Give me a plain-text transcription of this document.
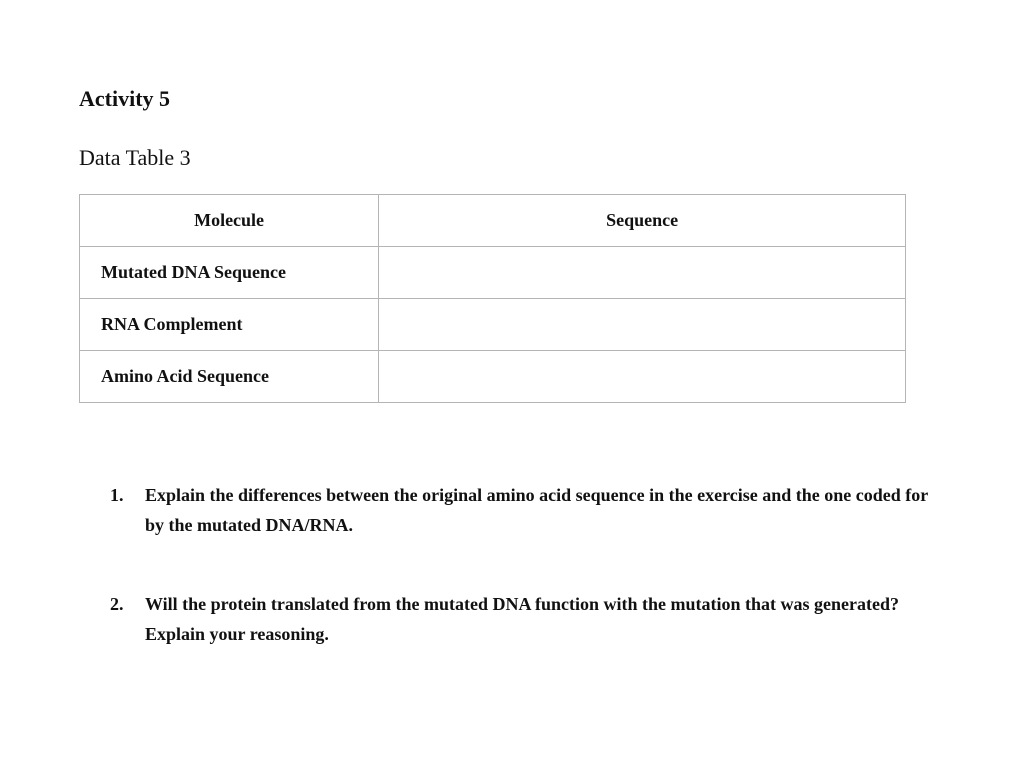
Activity 5
Data Table 3
Molecule	Sequence
Mutated DNA Sequence	
RNA Complement	
Amino Acid Sequence	
1. Explain the differences between the original amino acid sequence in the exercise and the one coded for by the mutated DNA/RNA.
2. Will the protein translated from the mutated DNA function with the mutation that was generated? Explain your reasoning.
